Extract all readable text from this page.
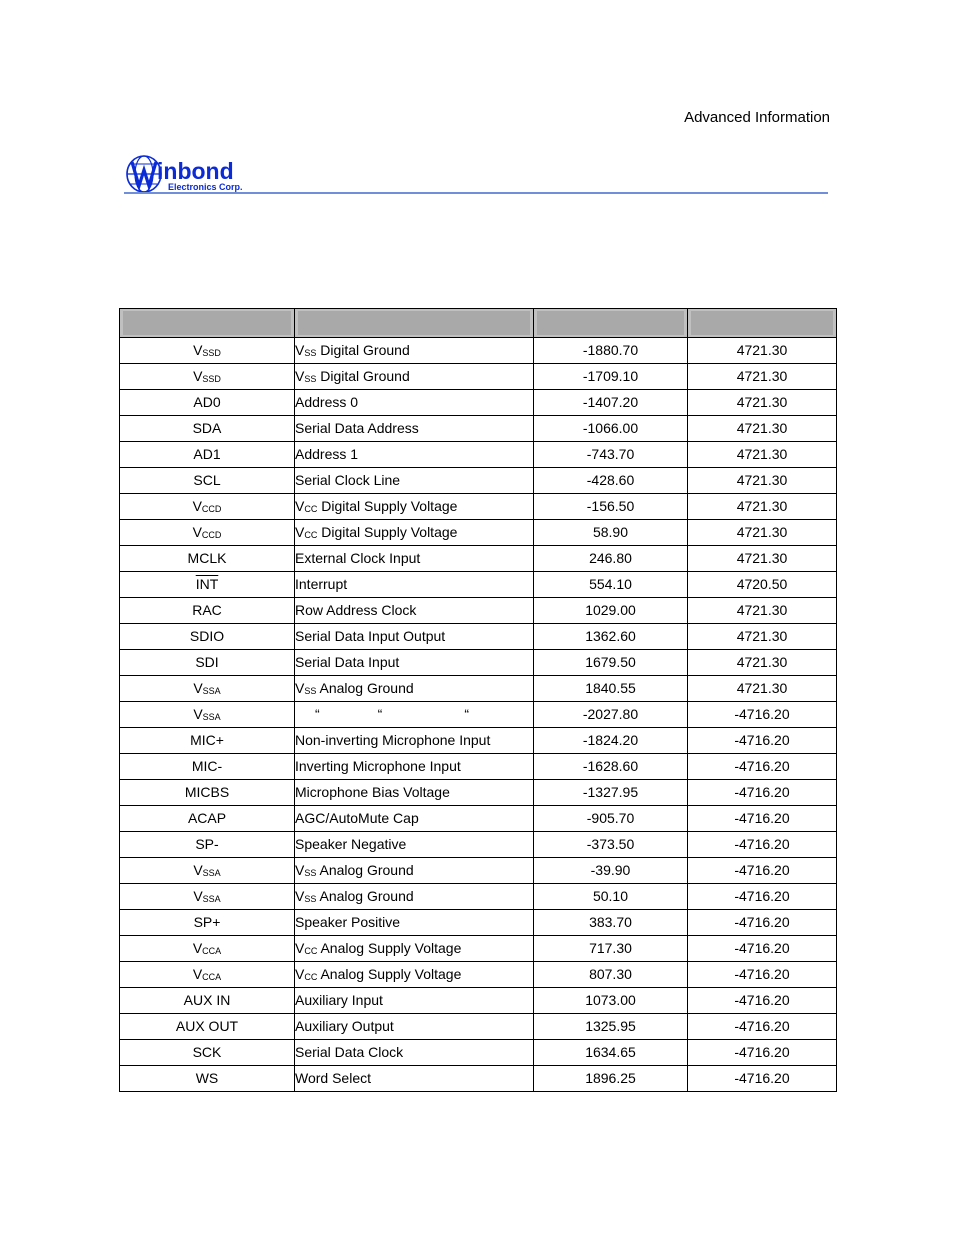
Advanced Information
inbond
Electronics Corp.

$V_{SSD}$	$V_{SS}$ Digital Ground	-1880.70	4721.30
$V_{SSD}$	$V_{SS}$ Digital Ground	-1709.10	4721.30
AD0	Address 0	-1407.20	4721.30
SDA	Serial Data Address	-1066.00	4721.30
AD1	Address 1	-743.70	4721.30
SCL	Serial Clock Line	-428.60	4721.30
$V_{CCD}$	$V_{CC}$ Digital Supply Voltage	-156.50	4721.30
$V_{CCD}$	$V_{CC}$ Digital Supply Voltage	58.90	4721.30
MCLK	External Clock Input	246.80	4721.30
$\overline{INT}$	Interrupt	554.10	4720.50
RAC	Row Address Clock	1029.00	4721.30
SDIO	Serial Data Input Output	1362.60	4721.30
SDI	Serial Data Input	1679.50	4721.30
$V_{SSA}$	$V_{SS}$ Analog Ground	1840.55	4721.30
$V_{SSA}$	“ “ “	-2027.80	-4716.20
MIC+	Non-inverting Microphone Input	-1824.20	-4716.20
MIC-	Inverting Microphone Input	-1628.60	-4716.20
MICBS	Microphone Bias Voltage	-1327.95	-4716.20
ACAP	AGC/AutoMute Cap	-905.70	-4716.20
SP-	Speaker Negative	-373.50	-4716.20
$V_{SSA}$	$V_{SS}$ Analog Ground	-39.90	-4716.20
$V_{SSA}$	$V_{SS}$ Analog Ground	50.10	-4716.20
SP+	Speaker Positive	383.70	-4716.20
$V_{CCA}$	$V_{CC}$ Analog Supply Voltage	717.30	-4716.20
$V_{CCA}$	$V_{CC}$ Analog Supply Voltage	807.30	-4716.20
AUX IN	Auxiliary Input	1073.00	-4716.20
AUX OUT	Auxiliary Output	1325.95	-4716.20
SCK	Serial Data Clock	1634.65	-4716.20
WS	Word Select	1896.25	-4716.20
